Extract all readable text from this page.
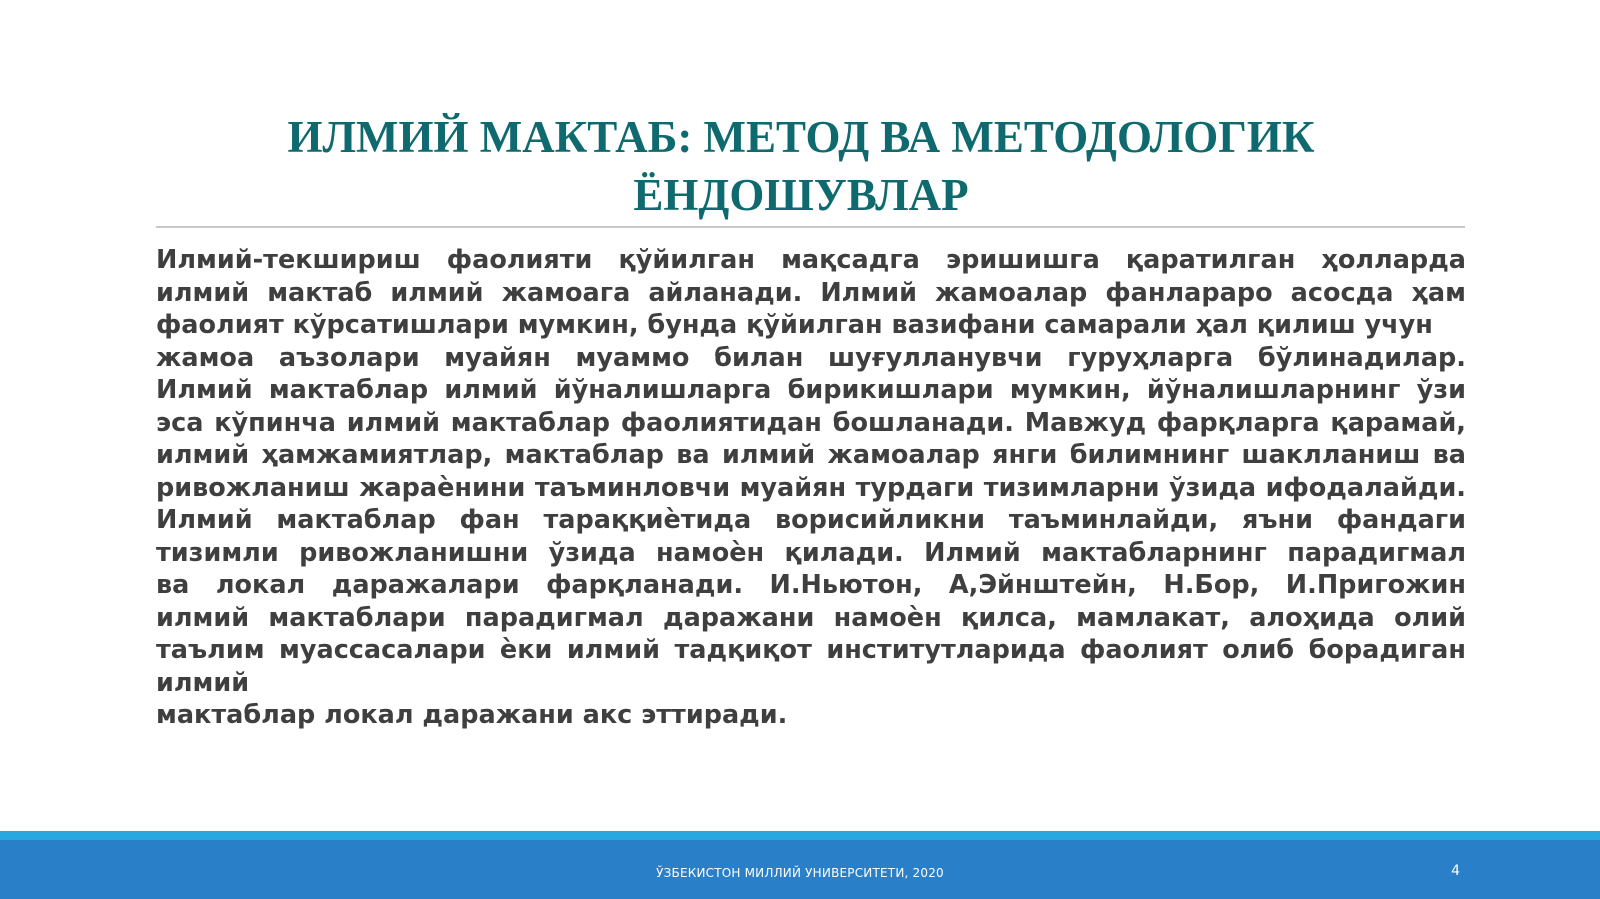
ИЛМИЙ МАКТАБ: МЕТОД ВА МЕТОДОЛОГИК
ЁНДОШУВЛАР
Илмий-текшириш фаолияти қўйилган мақсадга эришишга қаратилган ҳолларда
илмий мактаб илмий жамоага айланади. Илмий жамоалар фанлараро асосда ҳам
фаолият кўрсатишлари мумкин, бунда қўйилган вазифани самарали ҳал қилиш учун
жамоа аъзолари муайян муаммо билан шуғулланувчи гуруҳларга бўлинадилар.
Илмий мактаблар илмий йўналишларга бирикишлари мумкин, йўналишларнинг ўзи
эса кўпинча илмий мактаблар фаолиятидан бошланади. Мавжуд фарқларга қарамай,
илмий ҳамжамиятлар, мактаблар ва илмий жамоалар янги билимнинг шаклланиш ва
ривожланиш жараѐнини таъминловчи муайян турдаги тизимларни ўзида ифодалайди.
Илмий мактаблар фан тараққиѐтида ворисийликни таъминлайди, яъни фандаги
тизимли ривожланишни ўзида намоѐн қилади. Илмий мактабларнинг парадигмал
ва локал даражалари фарқланади. И.Ньютон, А,Эйнштейн, Н.Бор, И.Пригожин
илмий мактаблари парадигмал даражани намоѐн қилса, мамлакат, алоҳида олий
таълим муассасалари ѐки илмий тадқиқот институтларида фаолият олиб борадиган
илмий
мактаблар локал даражани акс эттиради.
ЎЗБЕКИСТОН МИЛЛИЙ УНИВЕРСИТЕТИ, 2020	4
